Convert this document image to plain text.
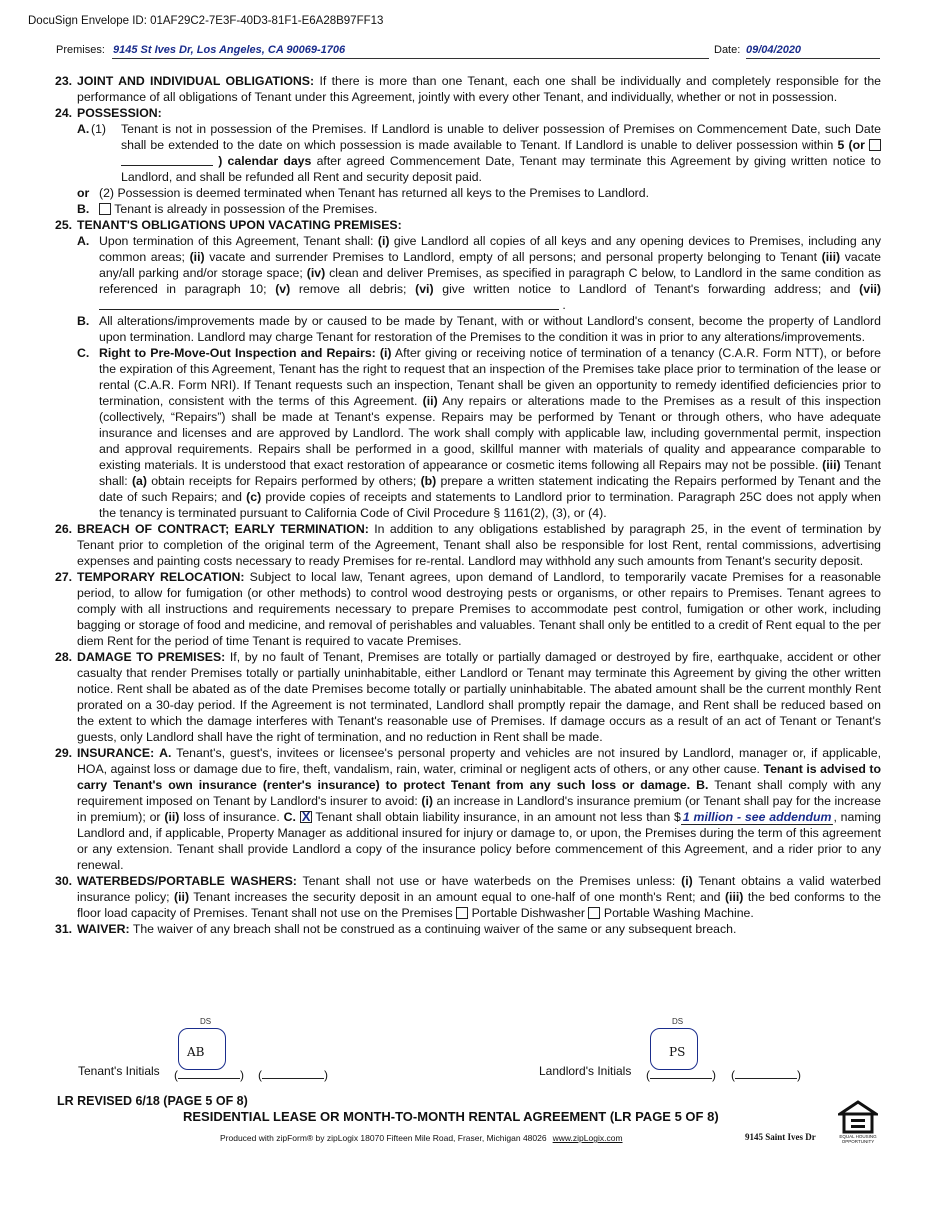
DocuSign Envelope ID: 01AF29C2-7E3F-40D3-81F1-E6A28B97FF13
Premises: 9145 St Ives Dr, Los Angeles, CA 90069-1706	Date: 09/04/2020
23. JOINT AND INDIVIDUAL OBLIGATIONS: If there is more than one Tenant, each one shall be individually and completely responsible for the performance of all obligations of Tenant under this Agreement, jointly with every other Tenant, and individually, whether or not in possession.
24. POSSESSION:
A. (1) Tenant is not in possession of the Premises. If Landlord is unable to deliver possession of Premises on Commencement Date, such Date shall be extended to the date on which possession is made available to Tenant. If Landlord is unable to deliver possession within 5 (or   ) calendar days after agreed Commencement Date, Tenant may terminate this Agreement by giving written notice to Landlord, and shall be refunded all Rent and security deposit paid.
or (2) Possession is deemed terminated when Tenant has returned all keys to the Premises to Landlord.
B. Tenant is already in possession of the Premises.
25. TENANT'S OBLIGATIONS UPON VACATING PREMISES:
A. Upon termination of this Agreement, Tenant shall: (i) give Landlord all copies of all keys and any opening devices to Premises, including any common areas; (ii) vacate and surrender Premises to Landlord, empty of all persons; and personal property belonging to Tenant (iii) vacate any/all parking and/or storage space; (iv) clean and deliver Premises, as specified in paragraph C below, to Landlord in the same condition as referenced in paragraph 10; (v) remove all debris; (vi) give written notice to Landlord of Tenant's forwarding address; and (vii)  .
B. All alterations/improvements made by or caused to be made by Tenant, with or without Landlord's consent, become the property of Landlord upon termination. Landlord may charge Tenant for restoration of the Premises to the condition it was in prior to any alterations/improvements.
C. Right to Pre-Move-Out Inspection and Repairs: (i) After giving or receiving notice of termination of a tenancy (C.A.R. Form NTT), or before the expiration of this Agreement, Tenant has the right to request that an inspection of the Premises take place prior to termination of the lease or rental (C.A.R. Form NRI). If Tenant requests such an inspection, Tenant shall be given an opportunity to remedy identified deficiencies prior to termination, consistent with the terms of this Agreement. (ii) Any repairs or alterations made to the Premises as a result of this inspection (collectively, “Repairs”) shall be made at Tenant's expense. Repairs may be performed by Tenant or through others, who have adequate insurance and licenses and are approved by Landlord. The work shall comply with applicable law, including governmental permit, inspection and approval requirements. Repairs shall be performed in a good, skillful manner with materials of quality and appearance comparable to existing materials. It is understood that exact restoration of appearance or cosmetic items following all Repairs may not be possible. (iii) Tenant shall: (a) obtain receipts for Repairs performed by others; (b) prepare a written statement indicating the Repairs performed by Tenant and the date of such Repairs; and (c) provide copies of receipts and statements to Landlord prior to termination. Paragraph 25C does not apply when the tenancy is terminated pursuant to California Code of Civil Procedure § 1161(2), (3), or (4).
26. BREACH OF CONTRACT; EARLY TERMINATION: In addition to any obligations established by paragraph 25, in the event of termination by Tenant prior to completion of the original term of the Agreement, Tenant shall also be responsible for lost Rent, rental commissions, advertising expenses and painting costs necessary to ready Premises for re-rental. Landlord may withhold any such amounts from Tenant's security deposit.
27. TEMPORARY RELOCATION: Subject to local law, Tenant agrees, upon demand of Landlord, to temporarily vacate Premises for a reasonable period, to allow for fumigation (or other methods) to control wood destroying pests or organisms, or other repairs to Premises. Tenant agrees to comply with all instructions and requirements necessary to prepare Premises to accommodate pest control, fumigation or other work, including bagging or storage of food and medicine, and removal of perishables and valuables. Tenant shall only be entitled to a credit of Rent equal to the per diem Rent for the period of time Tenant is required to vacate Premises.
28. DAMAGE TO PREMISES: If, by no fault of Tenant, Premises are totally or partially damaged or destroyed by fire, earthquake, accident or other casualty that render Premises totally or partially uninhabitable, either Landlord or Tenant may terminate this Agreement by giving the other written notice. Rent shall be abated as of the date Premises become totally or partially uninhabitable. The abated amount shall be the current monthly Rent prorated on a 30-day period. If the Agreement is not terminated, Landlord shall promptly repair the damage, and Rent shall be reduced based on the extent to which the damage interferes with Tenant's reasonable use of Premises. If damage occurs as a result of an act of Tenant or Tenant's guests, only Landlord shall have the right of termination, and no reduction in Rent shall be made.
29. INSURANCE: A. Tenant's, guest's, invitees or licensee's personal property and vehicles are not insured by Landlord, manager or, if applicable, HOA, against loss or damage due to fire, theft, vandalism, rain, water, criminal or negligent acts of others, or any other cause. Tenant is advised to carry Tenant's own insurance (renter's insurance) to protect Tenant from any such loss or damage. B. Tenant shall comply with any requirement imposed on Tenant by Landlord's insurer to avoid: (i) an increase in Landlord's insurance premium (or Tenant shall pay for the increase in premium); or (ii) loss of insurance. C. X Tenant shall obtain liability insurance, in an amount not less than $ 1 million - see addendum , naming Landlord and, if applicable, Property Manager as additional insured for injury or damage to, or upon, the Premises during the term of this agreement or any extension. Tenant shall provide Landlord a copy of the insurance policy before commencement of this Agreement, and a rider prior to any renewal.
30. WATERBEDS/PORTABLE WASHERS: Tenant shall not use or have waterbeds on the Premises unless: (i) Tenant obtains a valid waterbed insurance policy; (ii) Tenant increases the security deposit in an amount equal to one-half of one month's Rent; and (iii) the bed conforms to the floor load capacity of Premises. Tenant shall not use on the Premises Portable Dishwasher Portable Washing Machine.
31. WAIVER: The waiver of any breach shall not be construed as a continuing waiver of the same or any subsequent breach.
Tenant's Initials (	) (	)
DS
AB
Landlord's Initials (	) (	)
DS
PS
LR REVISED 6/18 (PAGE 5 OF 8)
RESIDENTIAL LEASE OR MONTH-TO-MONTH RENTAL AGREEMENT (LR PAGE 5 OF 8)
Produced with zipForm® by zipLogix 18070 Fifteen Mile Road, Fraser, Michigan 48026 www.zipLogix.com	9145 Saint Ives Dr	EQUAL HOUSING OPPORTUNITY
